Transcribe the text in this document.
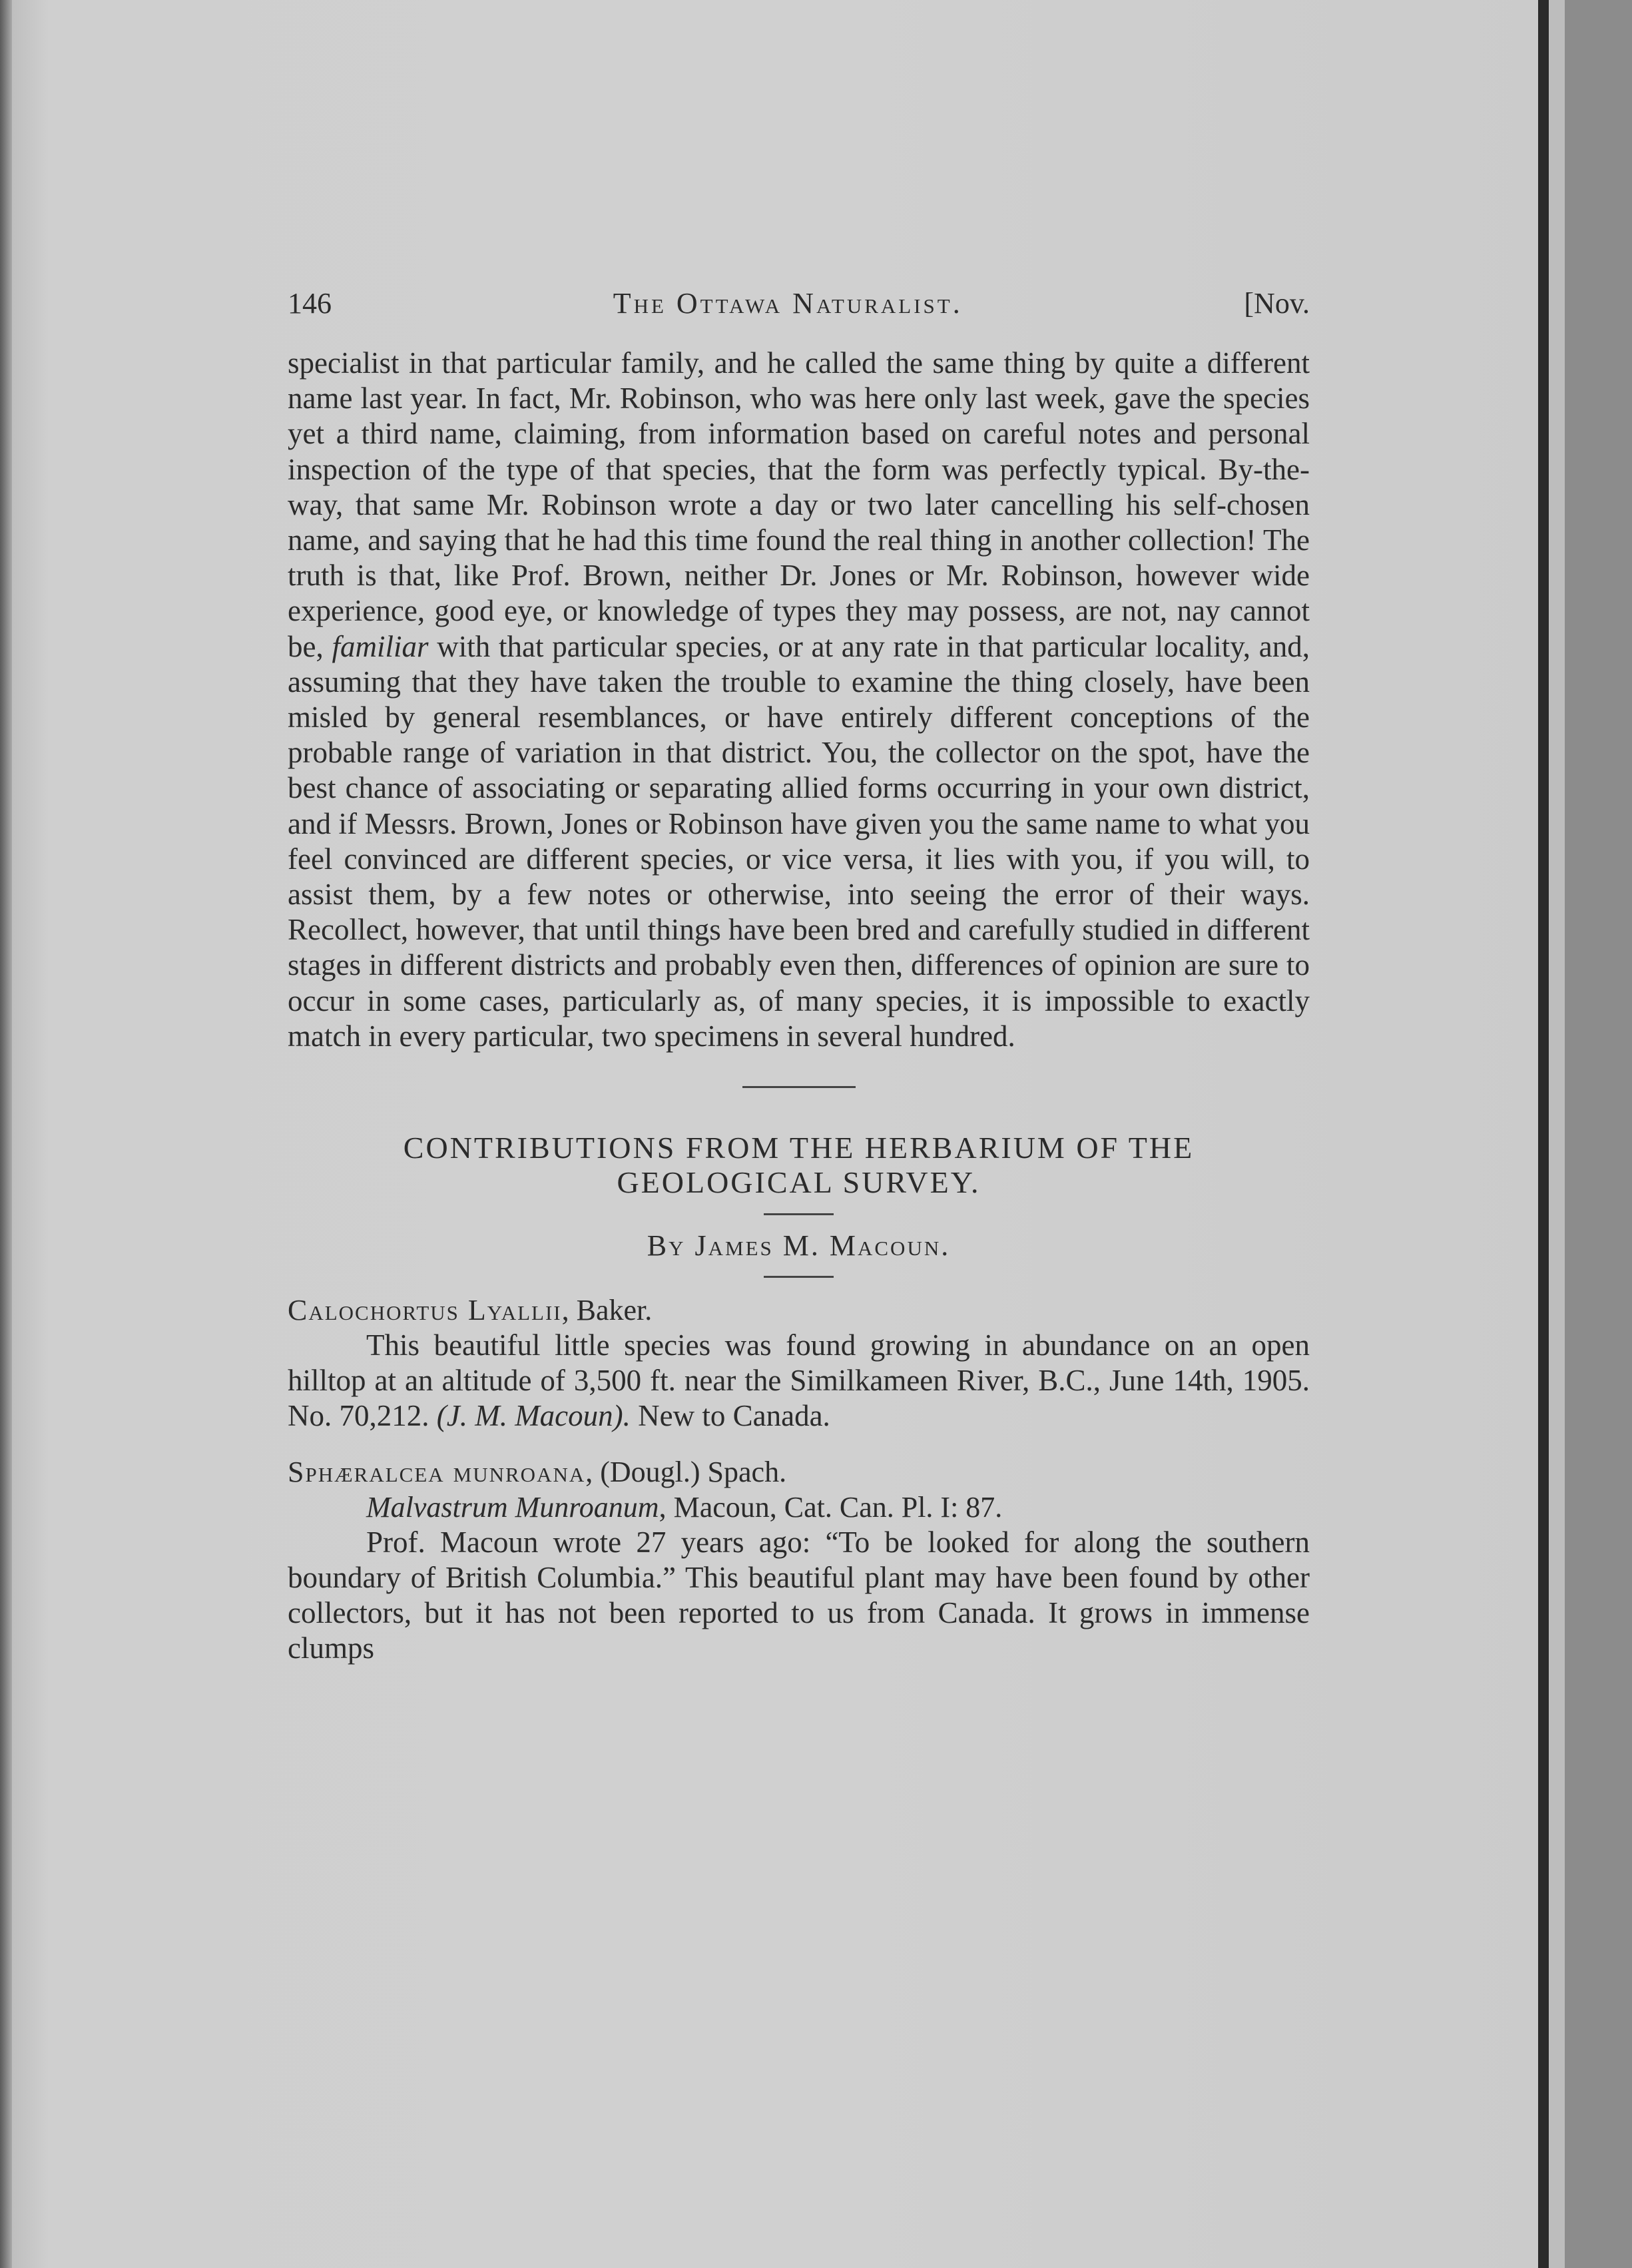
146	The Ottawa Naturalist.	[Nov.

specialist in that particular family, and he called the same thing by quite a different name last year. In fact, Mr. Robinson, who was here only last week, gave the species yet a third name, claiming, from information based on careful notes and personal inspection of the type of that species, that the form was perfectly typical. By-the-way, that same Mr. Robinson wrote a day or two later cancelling his self-chosen name, and saying that he had this time found the real thing in another collection! The truth is that, like Prof. Brown, neither Dr. Jones or Mr. Robinson, however wide experience, good eye, or knowledge of types they may possess, are not, nay cannot be, familiar with that particular species, or at any rate in that particular locality, and, assuming that they have taken the trouble to examine the thing closely, have been misled by general resemblances, or have entirely different conceptions of the probable range of variation in that district. You, the collector on the spot, have the best chance of associating or separating allied forms occurring in your own district, and if Messrs. Brown, Jones or Robinson have given you the same name to what you feel convinced are different species, or vice versa, it lies with you, if you will, to assist them, by a few notes or otherwise, into seeing the error of their ways. Recollect, however, that until things have been bred and carefully studied in different stages in different districts and probably even then, differences of opinion are sure to occur in some cases, particularly as, of many species, it is impossible to exactly match in every particular, two specimens in several hundred.

CONTRIBUTIONS FROM THE HERBARIUM OF THE
GEOLOGICAL SURVEY.
By James M. Macoun.
Calochortus Lyallii, Baker.

This beautiful little species was found growing in abundance on an open hilltop at an altitude of 3,500 ft. near the Similkameen River, B.C., June 14th, 1905. No. 70,212. (J. M. Macoun). New to Canada.

Sphæralcea munroana, (Dougl.) Spach.
Malvastrum Munroanum, Macoun, Cat. Can. Pl. I: 87.

Prof. Macoun wrote 27 years ago: “To be looked for along the southern boundary of British Columbia.” This beautiful plant may have been found by other collectors, but it has not been reported to us from Canada. It grows in immense clumps
